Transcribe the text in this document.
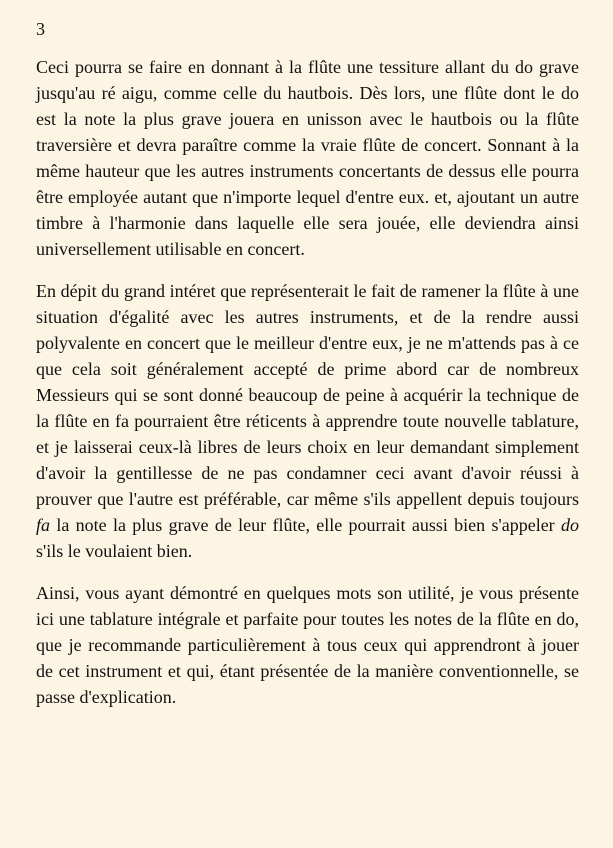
3

Ceci pourra se faire en donnant à la flûte une tessiture allant du do grave jusqu'au ré aigu, comme celle du hautbois. Dès lors, une flûte dont le do est la note la plus grave jouera en unisson avec le hautbois ou la flûte traversière et devra paraître comme la vraie flûte de concert. Sonnant à la même hauteur que les autres instruments concertants de dessus elle pourra être employée autant que n'importe lequel d'entre eux. et, ajoutant un autre timbre à l'harmonie dans laquelle elle sera jouée, elle deviendra ainsi universellement utilisable en concert.

En dépit du grand intéret que représenterait le fait de ramener la flûte à une situation d'égalité avec les autres instruments, et de la rendre aussi polyvalente en concert que le meilleur d'entre eux, je ne m'attends pas à ce que cela soit généralement accepté de prime abord car de nombreux Messieurs qui se sont donné beaucoup de peine à acquérir la technique de la flûte en fa pourraient être réticents à apprendre toute nouvelle tablature, et je laisserai ceux-là libres de leurs choix en leur demandant simplement d'avoir la gentillesse de ne pas condamner ceci avant d'avoir réussi à prouver que l'autre est préférable, car même s'ils appellent depuis toujours fa la note la plus grave de leur flûte, elle pourrait aussi bien s'appeler do s'ils le voulaient bien.

Ainsi, vous ayant démontré en quelques mots son utilité, je vous présente ici une tablature intégrale et parfaite pour toutes les notes de la flûte en do, que je recommande particulièrement à tous ceux qui apprendront à jouer de cet instrument et qui, étant présentée de la manière conventionnelle, se passe d'explication.
